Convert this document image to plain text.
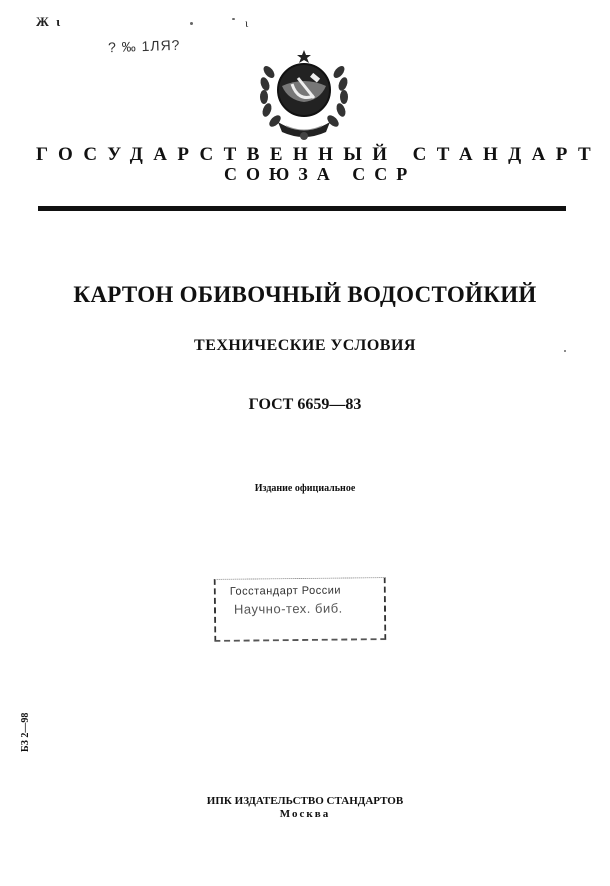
Ж ι	ι
? ‰ 1ЛЯ?
ГОСУДАРСТВЕННЫЙ СТАНДАРТ
СОЮЗА ССР
КАРТОН ОБИВОЧНЫЙ ВОДОСТОЙКИЙ
ТЕХНИЧЕСКИЕ УСЛОВИЯ
ГОСТ 6659—83
Издание официальное
Госстандарт России
Научно-тех. биб.
БЗ 2—98
ИПК ИЗДАТЕЛЬСТВО СТАНДАРТОВ
Москва
